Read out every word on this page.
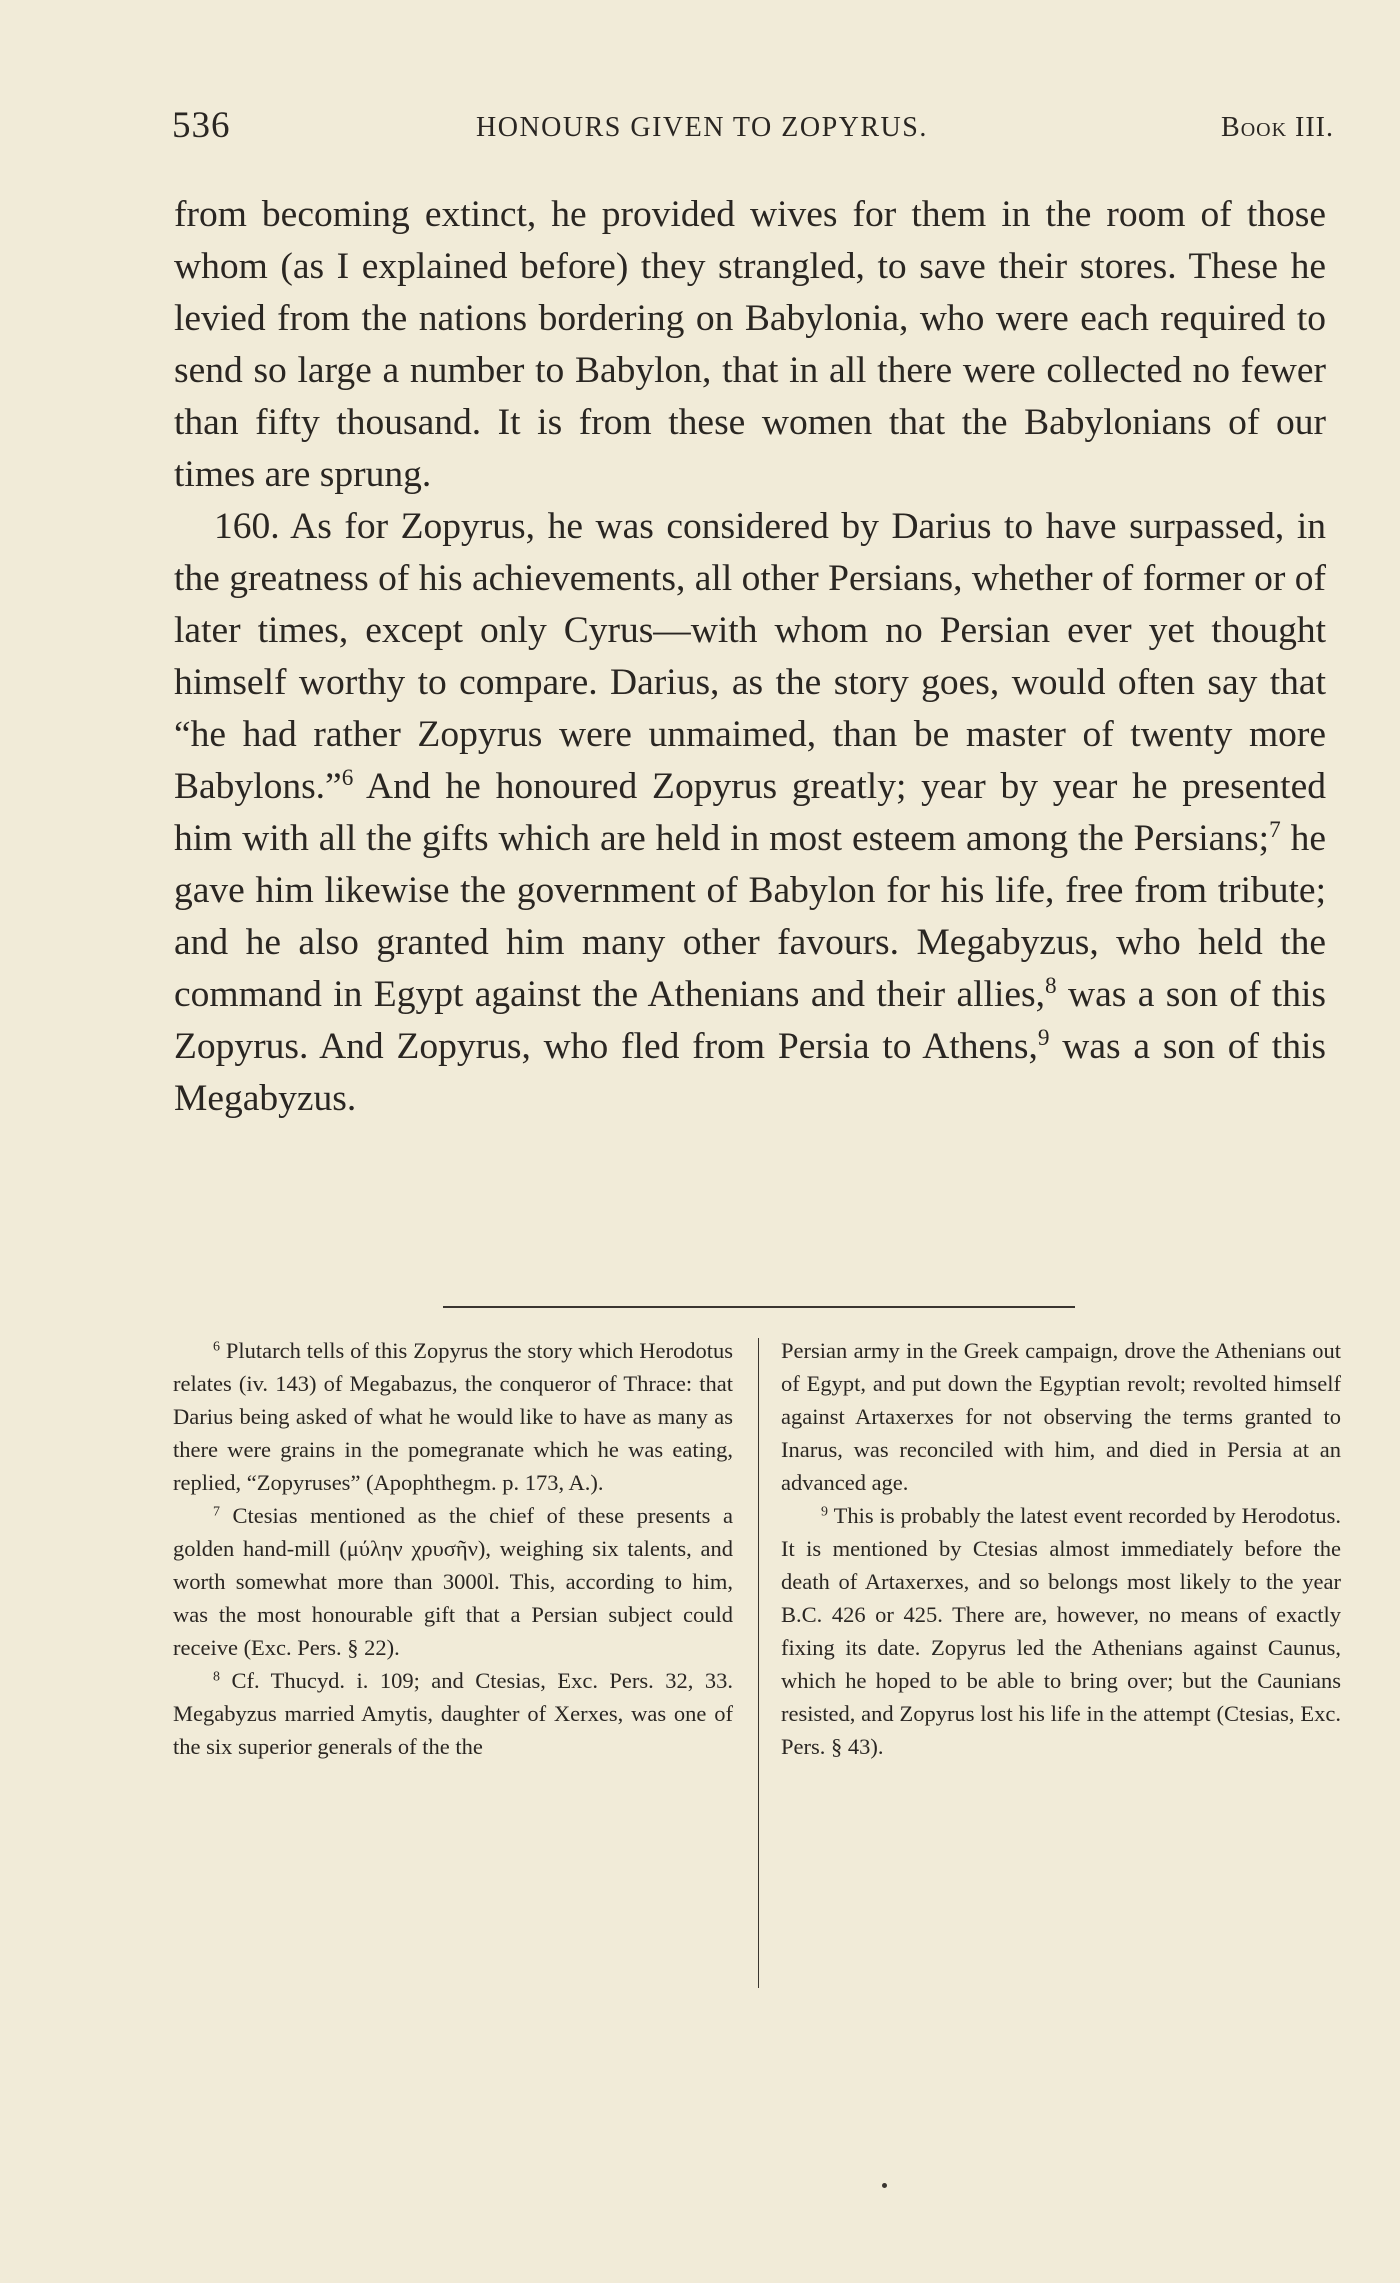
536	HONOURS GIVEN TO ZOPYRUS.	Book III.

from becoming extinct, he provided wives for them in the room of those whom (as I explained before) they strangled, to save their stores. These he levied from the nations bordering on Babylonia, who were each required to send so large a number to Babylon, that in all there were collected no fewer than fifty thousand. It is from these women that the Babylonians of our times are sprung.

160. As for Zopyrus, he was considered by Darius to have surpassed, in the greatness of his achievements, all other Persians, whether of former or of later times, except only Cyrus—with whom no Persian ever yet thought himself worthy to compare. Darius, as the story goes, would often say that “he had rather Zopyrus were unmaimed, than be master of twenty more Babylons.”$^6$ And he honoured Zopyrus greatly; year by year he presented him with all the gifts which are held in most esteem among the Persians;$^7$ he gave him likewise the government of Babylon for his life, free from tribute; and he also granted him many other favours. Megabyzus, who held the command in Egypt against the Athenians and their allies,$^8$ was a son of this Zopyrus. And Zopyrus, who fled from Persia to Athens,$^9$ was a son of this Megabyzus.

$^6$ Plutarch tells of this Zopyrus the story which Herodotus relates (iv. 143) of Megabazus, the conqueror of Thrace: that Darius being asked of what he would like to have as many as there were grains in the pomegranate which he was eating, replied, “Zopyruses” (Apophthegm. p. 173, A.).

$^7$ Ctesias mentioned as the chief of these presents a golden hand-mill (μύλην χρυσῆν), weighing six talents, and worth somewhat more than 3000l. This, according to him, was the most honourable gift that a Persian subject could receive (Exc. Pers. § 22).

$^8$ Cf. Thucyd. i. 109; and Ctesias, Exc. Pers. 32, 33. Megabyzus married Amytis, daughter of Xerxes, was one of the six superior generals of the the

Persian army in the Greek campaign, drove the Athenians out of Egypt, and put down the Egyptian revolt; revolted himself against Artaxerxes for not observing the terms granted to Inarus, was reconciled with him, and died in Persia at an advanced age.

$^9$ This is probably the latest event recorded by Herodotus. It is mentioned by Ctesias almost immediately before the death of Artaxerxes, and so belongs most likely to the year B.C. 426 or 425. There are, however, no means of exactly fixing its date. Zopyrus led the Athenians against Caunus, which he hoped to be able to bring over; but the Caunians resisted, and Zopyrus lost his life in the attempt (Ctesias, Exc. Pers. § 43).
